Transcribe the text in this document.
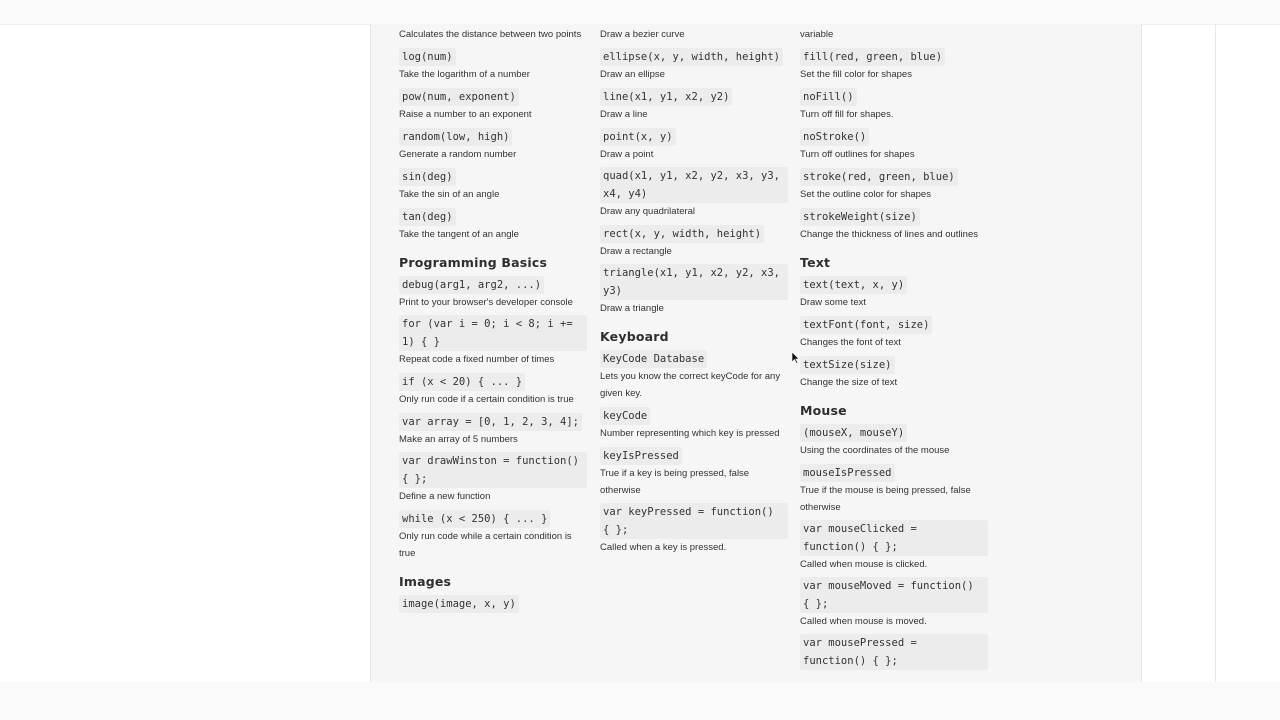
Calculates the distance between two points
log(num)
Take the logarithm of a number
pow(num, exponent)
Raise a number to an exponent
random(low, high)
Generate a random number
sin(deg)
Take the sin of an angle
tan(deg)
Take the tangent of an angle
Programming Basics
debug(arg1, arg2, ...)
Print to your browser's developer console
for (var i = 0; i < 8; i += 1) { }
Repeat code a fixed number of times
if (x < 20) { ... }
Only run code if a certain condition is true
var array = [0, 1, 2, 3, 4];
Make an array of 5 numbers
var drawWinston = function() { };
Define a new function
while (x < 250) { ... }
Only run code while a certain condition is true
Images
image(image, x, y)
Draw a bezier curve
ellipse(x, y, width, height)
Draw an ellipse
line(x1, y1, x2, y2)
Draw a line
point(x, y)
Draw a point
quad(x1, y1, x2, y2, x3, y3, x4, y4)
Draw any quadrilateral
rect(x, y, width, height)
Draw a rectangle
triangle(x1, y1, x2, y2, x3, y3)
Draw a triangle
Keyboard
KeyCode Database
Lets you know the correct keyCode for any given key.
keyCode
Number representing which key is pressed
keyIsPressed
True if a key is being pressed, false otherwise
var keyPressed = function() { };
Called when a key is pressed.
variable
fill(red, green, blue)
Set the fill color for shapes
noFill()
Turn off fill for shapes.
noStroke()
Turn off outlines for shapes
stroke(red, green, blue)
Set the outline color for shapes
strokeWeight(size)
Change the thickness of lines and outlines
Text
text(text, x, y)
Draw some text
textFont(font, size)
Changes the font of text
textSize(size)
Change the size of text
Mouse
(mouseX, mouseY)
Using the coordinates of the mouse
mouseIsPressed
True if the mouse is being pressed, false otherwise
var mouseClicked = function() { };
Called when mouse is clicked.
var mouseMoved = function() { };
Called when mouse is moved.
var mousePressed = function() { };
